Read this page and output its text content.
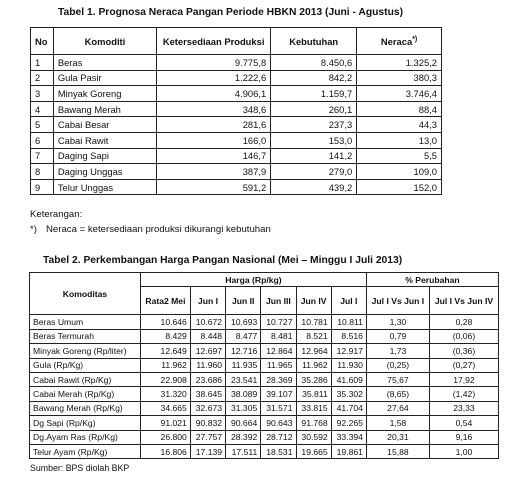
Tabel 1. Prognosa Neraca Pangan Periode HBKN 2013 (Juni - Agustus)
No	Komoditi	Ketersediaan Produksi	Kebutuhan	Neraca*)
1	Beras	9.775,8	8.450,6	1.325,2
2	Gula Pasir	1.222,6	842,2	380,3
3	Minyak Goreng	4.906,1	1.159,7	3.746,4
4	Bawang Merah	348,6	260,1	88,4
5	Cabai Besar	281,6	237,3	44,3
6	Cabai Rawit	166,0	153,0	13,0
7	Daging Sapi	146,7	141,2	5,5
8	Daging Unggas	387,9	279,0	109,0
9	Telur Unggas	591,2	439,2	152,0
Keterangan:
*) Neraca = ketersediaan produksi dikurangi kebutuhan
Tabel 2. Perkembangan Harga Pangan Nasional (Mei – Minggu I Juli 2013)
Komoditas	Harga (Rp/kg)						% Perubahan	
	Rata2 Mei	Jun I	Jun II	Jun III	Jun IV	Jul I	Jul I Vs Jun I	Jul I Vs Jun IV
Beras Umum	10.646	10.672	10.693	10.727	10.781	10.811	1,30	0,28
Beras Termurah	8.429	8.448	8.477	8.481	8.521	8.516	0,79	(0,06)
Minyak Goreng (Rp/liter)	12.649	12.697	12.716	12.864	12.964	12.917	1,73	(0,36)
Gula (Rp/Kg)	11.962	11.960	11.935	11.965	11.962	11.930	(0,25)	(0,27)
Cabai Rawit (Rp/Kg)	22.908	23.686	23.541	28.369	35.286	41.609	75,67	17,92
Cabai Merah (Rp/Kg)	31.320	38.645	38.089	39.107	35.811	35.302	(8,65)	(1,42)
Bawang Merah (Rp/Kg)	34.665	32.673	31.305	31.571	33.815	41.704	27,64	23,33
Dg Sapi (Rp/Kg)	91.021	90.832	90.664	90.643	91.768	92.265	1,58	0,54
Dg.Ayam Ras (Rp/Kg)	26.800	27.757	28.392	28.712	30.592	33.394	20,31	9,16
Telur Ayam (Rp/Kg)	16.806	17.139	17.511	18.531	19.665	19.861	15,88	1,00
Sumber: BPS diolah BKP
